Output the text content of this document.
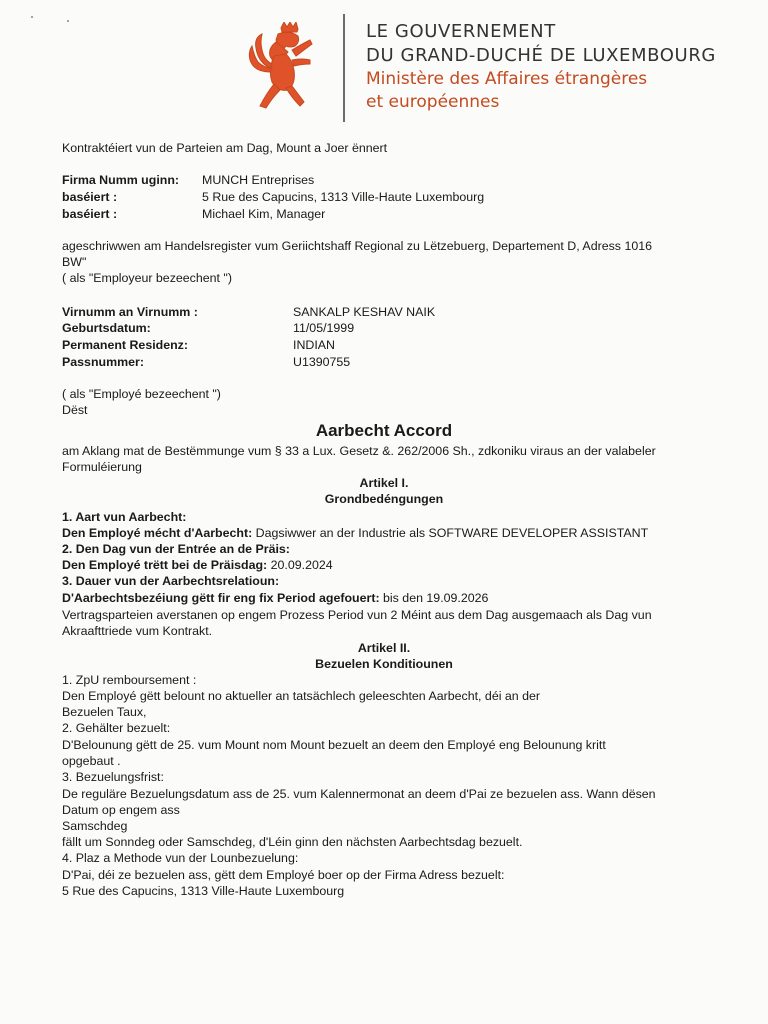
LE GOUVERNEMENT
DU GRAND-DUCHÉ DE LUXEMBOURG
Ministère des Affaires étrangères
et européennes
Kontraktéiert vun de Parteien am Dag, Mount a Joer ënnert
Firma Numm uginn: MUNCH Entreprises
baséiert :	5 Rue des Capucins, 1313 Ville-Haute Luxembourg
baséiert :	Michael Kim, Manager
ageschriwwen am Handelsregister vum Geriichtshaff Regional zu Lëtzebuerg, Departement D, Adress 1016
BW"
( als "Employeur bezeechent ")
Virnumm an Virnumm :	SANKALP KESHAV NAIK
Geburtsdatum:	11/05/1999
Permanent Residenz:	INDIAN
Passnummer:	U1390755
( als "Employé bezeechent ")
Dëst
Aarbecht Accord
am Aklang mat de Bestëmmunge vum § 33 a Lux. Gesetz &. 262/2006 Sh., zdkoniku viraus an der valabeler
Formuléierung
Artikel I.
Grondbedéngungen
1. Aart vun Aarbecht:
Den Employé mécht d'Aarbecht: Dagsiwwer an der Industrie als SOFTWARE DEVELOPER ASSISTANT
2. Den Dag vun der Entrée an de Präis:
Den Employé trëtt bei de Präisdag: 20.09.2024
3. Dauer vun der Aarbechtsrelatioun:
D'Aarbechtsbezéiung gëtt fir eng fix Period agefouert: bis den 19.09.2026
Vertragsparteien averstanen op engem Prozess Period vun 2 Méint aus dem Dag ausgemaach als Dag vun
Akraafttriede vum Kontrakt.
Artikel II.
Bezuelen Konditiounen
1. ZpU remboursement :
Den Employé gëtt belount no aktueller an tatsächlech geleeschten Aarbecht, déi an der
Bezuelen Taux,
2. Gehälter bezuelt:
D'Belounung gëtt de 25. vum Mount nom Mount bezuelt an deem den Employé eng Belounung kritt
opgebaut .
3. Bezuelungsfrist:
De reguläre Bezuelungsdatum ass de 25. vum Kalennermonat an deem d'Pai ze bezuelen ass. Wann dësen
Datum op engem ass
Samschdeg
fällt um Sonndeg oder Samschdeg, d'Léin ginn den nächsten Aarbechtsdag bezuelt.
4. Plaz a Methode vun der Lounbezuelung:
D'Pai, déi ze bezuelen ass, gëtt dem Employé boer op der Firma Adress bezuelt:
5 Rue des Capucins, 1313 Ville-Haute Luxembourg
